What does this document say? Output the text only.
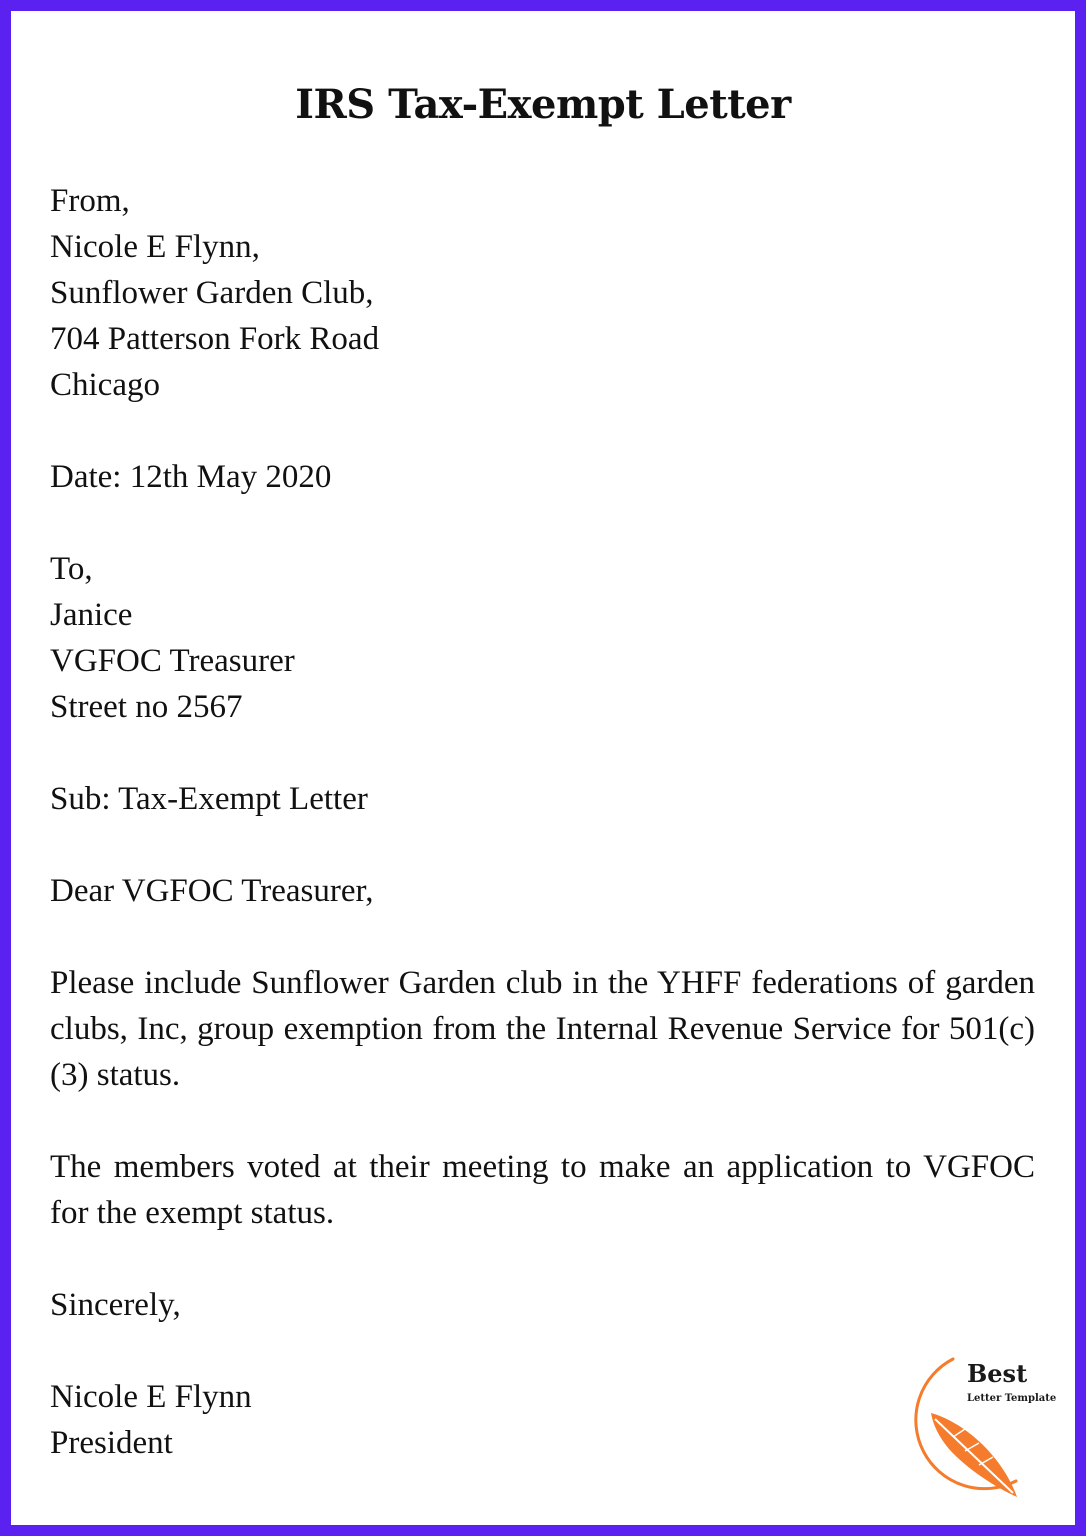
IRS Tax-Exempt Letter
From,
Nicole E Flynn,
Sunflower Garden Club,
704 Patterson Fork Road
Chicago
Date: 12th May 2020
To,
Janice
VGFOC Treasurer
Street no 2567
Sub: Tax-Exempt Letter
Dear VGFOC Treasurer,
Please include Sunflower Garden club in the YHFF federations of garden clubs, Inc, group exemption from the Internal Revenue Service for 501(c)(3) status.
The members voted at their meeting to make an application to VGFOC for the exempt status.
Sincerely,
Nicole E Flynn
President
Best
Letter Template
